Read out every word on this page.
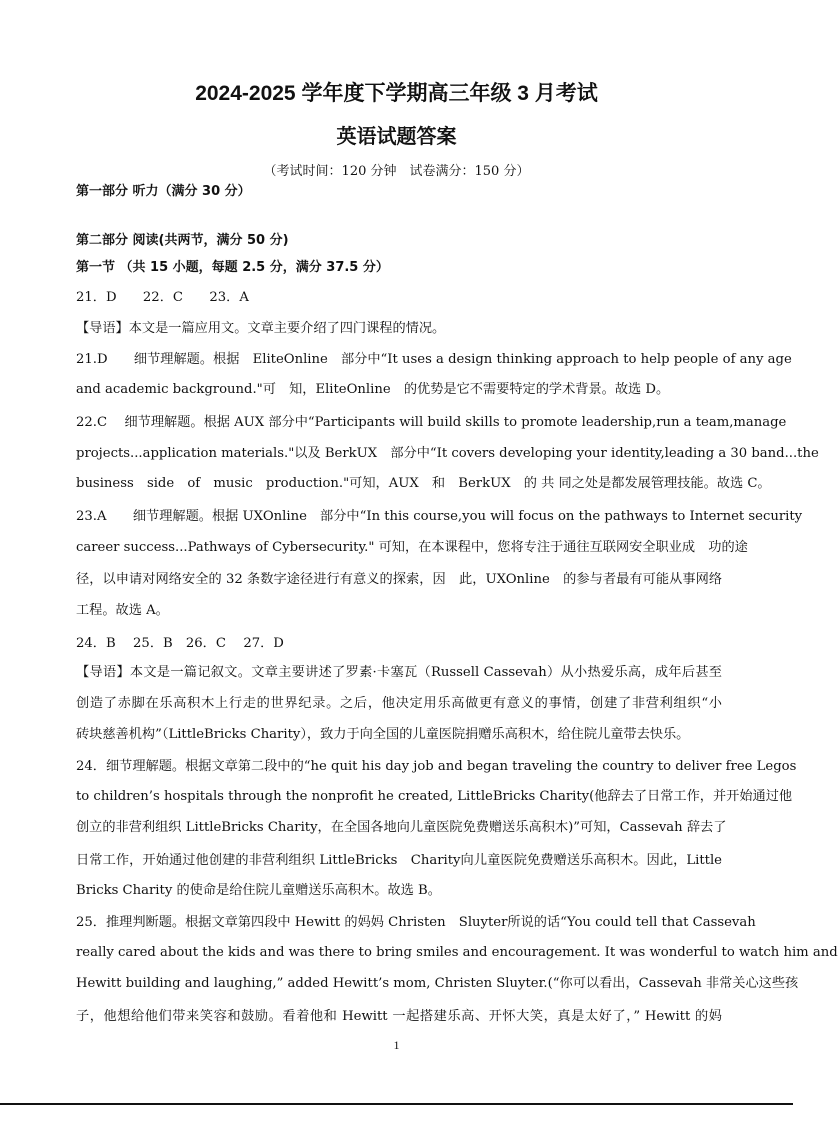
2024-2025 学年度下学期高三年级 3 月考试
英语试题答案
（考试时间：120 分钟　试卷满分：150 分）
第一部分 听力（满分 30 分）
第二部分 阅读(共两节，满分 50 分)
第一节 （共 15 小题，每题 2.5 分，满分 37.5 分）
21．D　　22．C　　23．A
【导语】本文是一篇应用文。文章主要介绍了四门课程的情况。
21.D　　细节理解题。根据　EliteOnline　部分中“It uses a design thinking approach to help people of any age
and academic background."可　知，EliteOnline　的优势是它不需要特定的学术背景。故选 D。
22.C　 细节理解题。根据 AUX 部分中“Participants will build skills to promote leadership,run a team,manage
projects...application materials."以及 BerkUX　部分中“It covers developing your identity,leading a 30 band...the
business　side　of　music　production."可知，AUX　和　BerkUX　的 共 同之处是都发展管理技能。故选 C。
23.A　　细节理解题。根据 UXOnline　部分中“In this course,you will focus on the pathways to Internet security
career success...Pathways of Cybersecurity." 可知，在本课程中，您将专注于通往互联网安全职业成　功的途
径，以申请对网络安全的 32 条数字途径进行有意义的探索，因　此，UXOnline　的参与者最有可能从事网络
工程。故选 A。
24．B　 25．B　26．C　 27．D
【导语】本文是一篇记叙文。文章主要讲述了罗素·卡塞瓦（Russell Cassevah）从小热爱乐高，成年后甚至
创造了赤脚在乐高积木上行走的世界纪录。之后，他决定用乐高做更有意义的事情，创建了非营利组织“小
砖块慈善机构”（LittleBricks Charity），致力于向全国的儿童医院捐赠乐高积木，给住院儿童带去快乐。
24．细节理解题。根据文章第二段中的“he quit his day job and began traveling the country to deliver free Legos
to children’s hospitals through the nonprofit he created, LittleBricks Charity(他辞去了日常工作，并开始通过他
创立的非营利组织 LittleBricks Charity，在全国各地向儿童医院免费赠送乐高积木)”可知，Cassevah 辞去了
日常工作，开始通过他创建的非营利组织 LittleBricks　Charity向儿童医院免费赠送乐高积木。因此，Little
Bricks Charity 的使命是给住院儿童赠送乐高积木。故选 B。
25．推理判断题。根据文章第四段中 Hewitt 的妈妈 Christen　Sluyter所说的话“You could tell that Cassevah
really cared about the kids and was there to bring smiles and encouragement. It was wonderful to watch him and
Hewitt building and laughing,” added Hewitt’s mom, Christen Sluyter.(“你可以看出，Cassevah 非常关心这些孩
子，他想给他们带来笑容和鼓励。看着他和 Hewitt 一起搭建乐高、开怀大笑，真是太好了，” Hewitt 的妈
1
